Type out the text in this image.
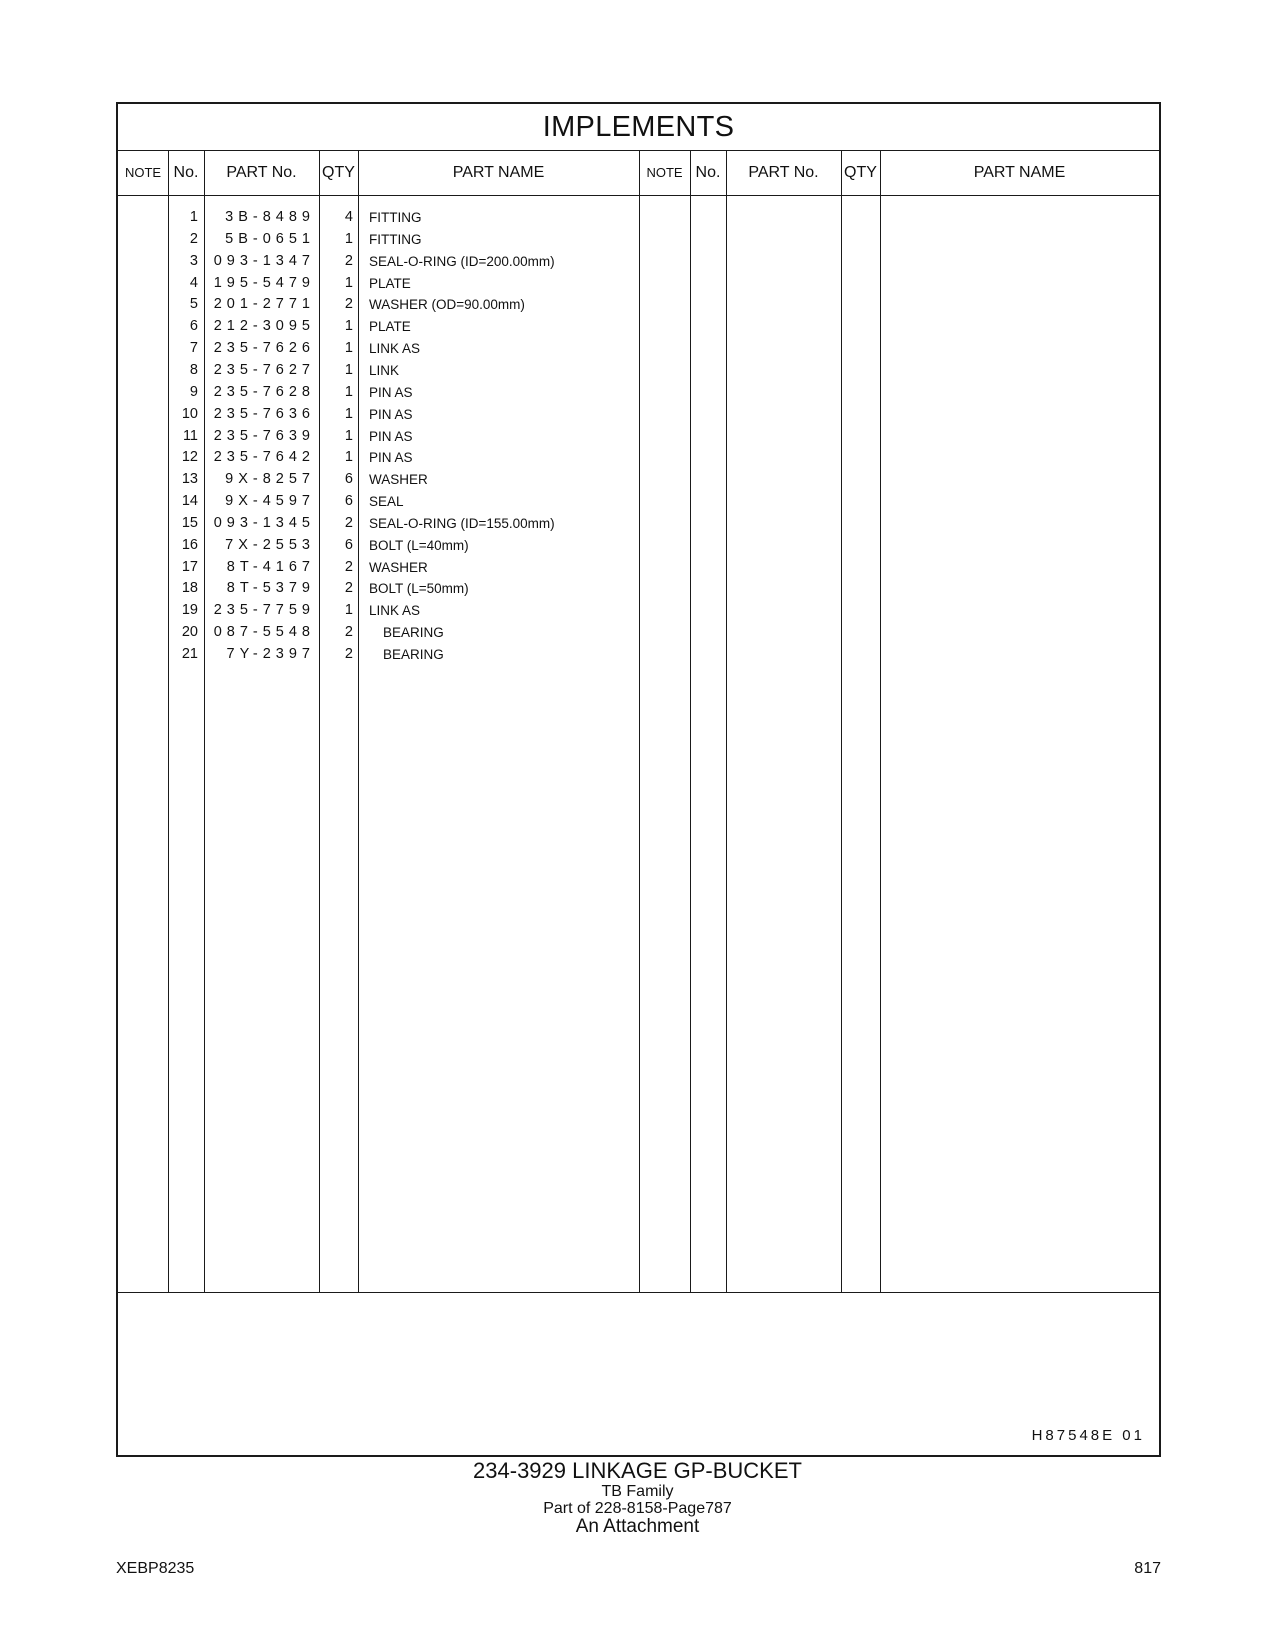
IMPLEMENTS
NOTE No.	PART No.	QTY	PART NAME	NOTE No.	PART No.	QTY	PART NAME
1	3B-8489	4 FITTING
2	5B-0651	1 FITTING
3 093-1347	2 SEAL-O-RING (ID=200.00mm)
4 195-5479	1 PLATE
5 201-2771	2 WASHER (OD=90.00mm)
6 212-3095	1 PLATE
7 235-7626	1 LINK AS
8 235-7627	1 LINK
9 235-7628	1 PIN AS
10 235-7636	1 PIN AS
11 235-7639	1 PIN AS
12 235-7642	1 PIN AS
13	9X-8257	6 WASHER
14	9X-4597	6 SEAL
15 093-1345	2 SEAL-O-RING (ID=155.00mm)
16	7X-2553	6 BOLT (L=40mm)
17	8T-4167	2 WASHER
18	8T-5379	2 BOLT (L=50mm)
19 235-7759	1 LINK AS
20 087-5548	2	BEARING
21	7Y-2397	2	BEARING
H87548E 01
234-3929 LINKAGE GP-BUCKET
TB Family
Part of 228-8158-Page787
An Attachment
XEBP8235	817
